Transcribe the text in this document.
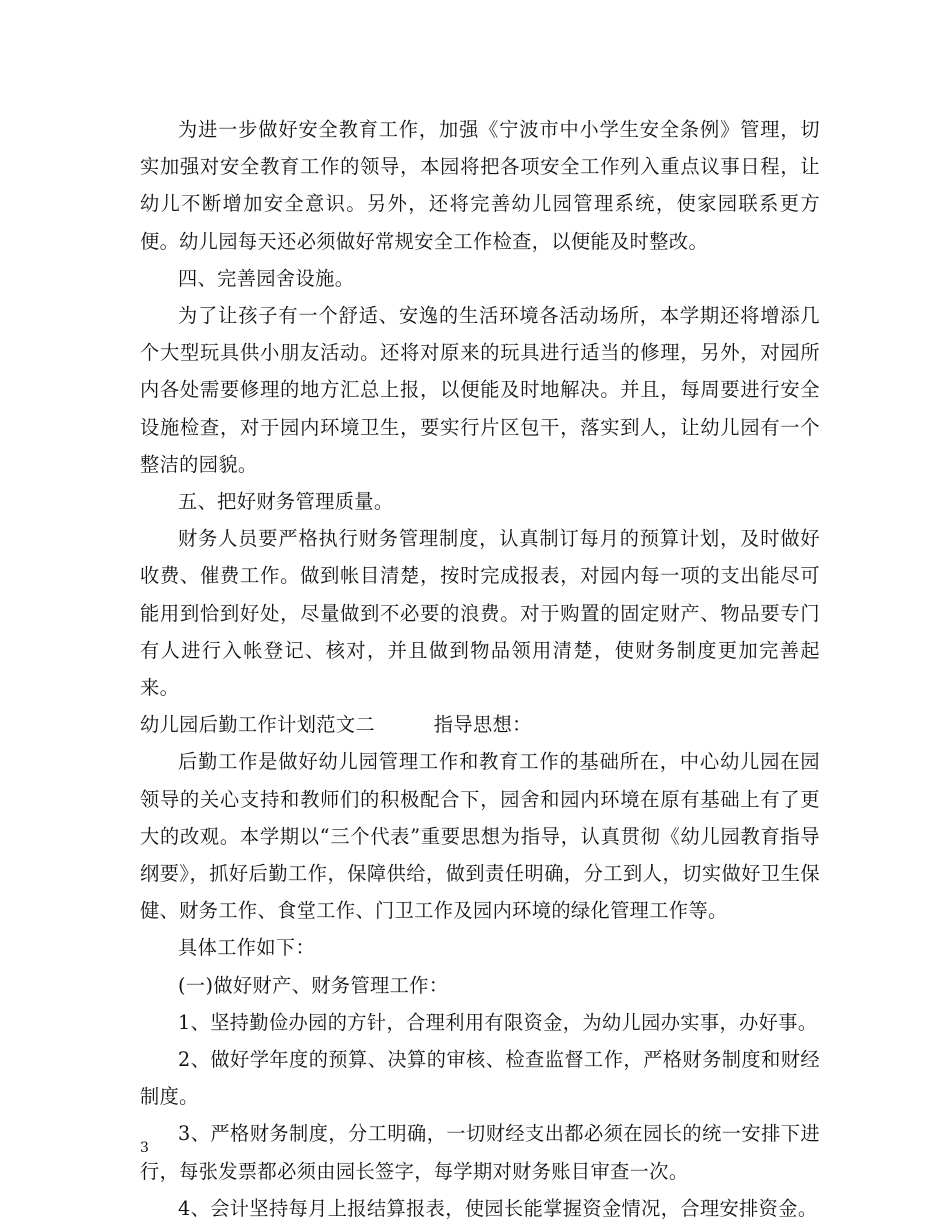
为进一步做好安全教育工作，加强《宁波市中小学生安全条例》管理，切实加强对安全教育工作的领导，本园将把各项安全工作列入重点议事日程，让幼儿不断增加安全意识。另外，还将完善幼儿园管理系统，使家园联系更方便。幼儿园每天还必须做好常规安全工作检查，以便能及时整改。

四、完善园舍设施。

为了让孩子有一个舒适、安逸的生活环境各活动场所，本学期还将增添几个大型玩具供小朋友活动。还将对原来的玩具进行适当的修理，另外，对园所内各处需要修理的地方汇总上报，以便能及时地解决。并且，每周要进行安全设施检查，对于园内环境卫生，要实行片区包干，落实到人，让幼儿园有一个整洁的园貌。

五、把好财务管理质量。

财务人员要严格执行财务管理制度，认真制订每月的预算计划，及时做好收费、催费工作。做到帐目清楚，按时完成报表，对园内每一项的支出能尽可能用到恰到好处，尽量做到不必要的浪费。对于购置的固定财产、物品要专门有人进行入帐登记、核对，并且做到物品领用清楚，使财务制度更加完善起来。

幼儿园后勤工作计划范文二　　　指导思想：

后勤工作是做好幼儿园管理工作和教育工作的基础所在，中心幼儿园在园领导的关心支持和教师们的积极配合下，园舍和园内环境在原有基础上有了更大的改观。本学期以“三个代表”重要思想为指导，认真贯彻《幼儿园教育指导纲要》，抓好后勤工作，保障供给，做到责任明确，分工到人，切实做好卫生保健、财务工作、食堂工作、门卫工作及园内环境的绿化管理工作等。

具体工作如下：

(一)做好财产、财务管理工作：

1、坚持勤俭办园的方针，合理利用有限资金，为幼儿园办实事，办好事。

2、做好学年度的预算、决算的审核、检查监督工作，严格财务制度和财经制度。

3、严格财务制度，分工明确，一切财经支出都必须在园长的统一安排下进行，每张发票都必须由园长签字，每学期对财务账目审查一次。

4、会计坚持每月上报结算报表，使园长能掌握资金情况，合理安排资金。

3
